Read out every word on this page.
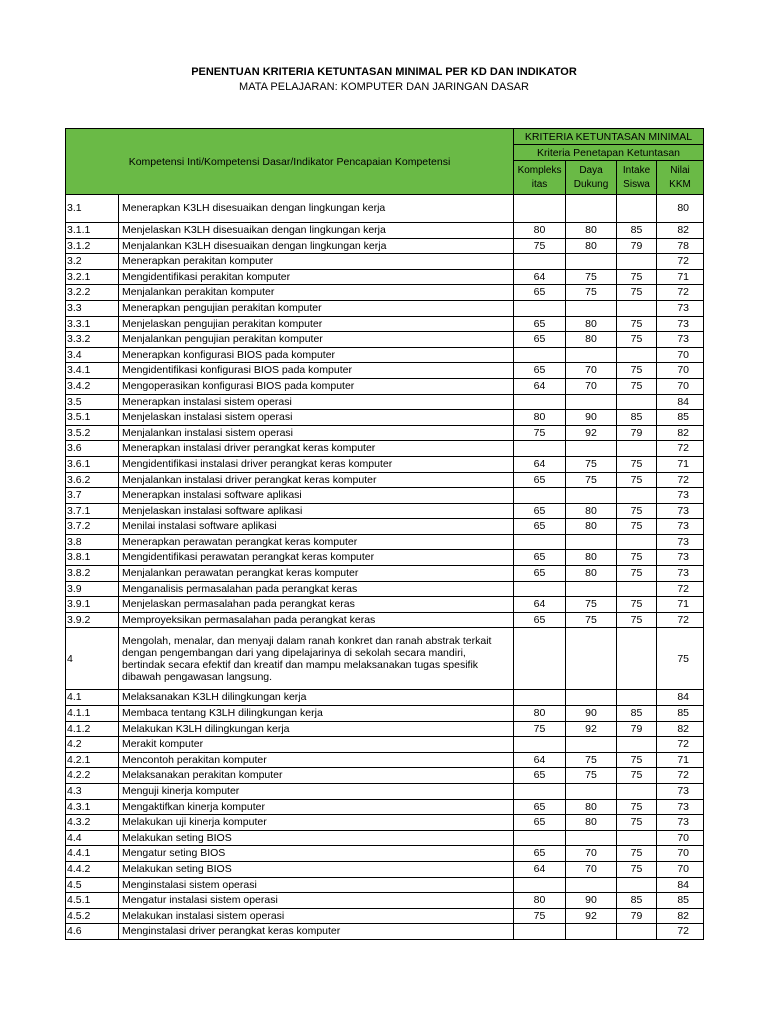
PENENTUAN KRITERIA KETUNTASAN MINIMAL PER KD DAN INDIKATOR
MATA PELAJARAN: KOMPUTER DAN JARINGAN DASAR
Kompetensi Inti/Kompetensi Dasar/Indikator Pencapaian Kompetensi		KRITERIA KETUNTASAN MINIMAL			
		Kriteria Penetapan Ketuntasan			
		Kompleks itas	Daya Dukung	Intake Siswa	Nilai KKM
3.1	Menerapkan K3LH disesuaikan dengan lingkungan kerja				80
3.1.1	Menjelaskan K3LH disesuaikan dengan lingkungan kerja	80	80	85	82
3.1.2	Menjalankan K3LH disesuaikan dengan lingkungan kerja	75	80	79	78
3.2	Menerapkan perakitan komputer				72
3.2.1	Mengidentifikasi perakitan komputer	64	75	75	71
3.2.2	Menjalankan perakitan komputer	65	75	75	72
3.3	Menerapkan pengujian perakitan komputer				73
3.3.1	Menjelaskan pengujian perakitan komputer	65	80	75	73
3.3.2	Menjalankan pengujian perakitan komputer	65	80	75	73
3.4	Menerapkan konfigurasi BIOS pada komputer				70
3.4.1	Mengidentifikasi konfigurasi BIOS pada komputer	65	70	75	70
3.4.2	Mengoperasikan konfigurasi BIOS pada komputer	64	70	75	70
3.5	Menerapkan instalasi sistem operasi				84
3.5.1	Menjelaskan instalasi sistem operasi	80	90	85	85
3.5.2	Menjalankan instalasi sistem operasi	75	92	79	82
3.6	Menerapkan instalasi driver perangkat keras komputer				72
3.6.1	Mengidentifikasi instalasi driver perangkat keras komputer	64	75	75	71
3.6.2	Menjalankan instalasi driver perangkat keras komputer	65	75	75	72
3.7	Menerapkan instalasi software aplikasi				73
3.7.1	Menjelaskan instalasi software aplikasi	65	80	75	73
3.7.2	Menilai instalasi software aplikasi	65	80	75	73
3.8	Menerapkan perawatan perangkat keras komputer				73
3.8.1	Mengidentifikasi perawatan perangkat keras komputer	65	80	75	73
3.8.2	Menjalankan perawatan perangkat keras komputer	65	80	75	73
3.9	Menganalisis permasalahan pada perangkat keras				72
3.9.1	Menjelaskan permasalahan pada perangkat keras	64	75	75	71
3.9.2	Memproyeksikan permasalahan pada perangkat keras	65	75	75	72
4	Mengolah, menalar, dan menyaji dalam ranah konkret dan ranah abstrak terkait dengan pengembangan dari yang dipelajarinya di sekolah secara mandiri, bertindak secara efektif dan kreatif dan mampu melaksanakan tugas spesifik dibawah pengawasan langsung.				75
4.1	Melaksanakan K3LH dilingkungan kerja				84
4.1.1	Membaca tentang K3LH dilingkungan kerja	80	90	85	85
4.1.2	Melakukan K3LH dilingkungan kerja	75	92	79	82
4.2	Merakit komputer				72
4.2.1	Mencontoh perakitan komputer	64	75	75	71
4.2.2	Melaksanakan perakitan komputer	65	75	75	72
4.3	Menguji kinerja komputer				73
4.3.1	Mengaktifkan kinerja komputer	65	80	75	73
4.3.2	Melakukan uji kinerja komputer	65	80	75	73
4.4	Melakukan seting BIOS				70
4.4.1	Mengatur seting BIOS	65	70	75	70
4.4.2	Melakukan seting BIOS	64	70	75	70
4.5	Menginstalasi sistem operasi				84
4.5.1	Mengatur instalasi sistem operasi	80	90	85	85
4.5.2	Melakukan instalasi sistem operasi	75	92	79	82
4.6	Menginstalasi driver perangkat keras komputer				72
